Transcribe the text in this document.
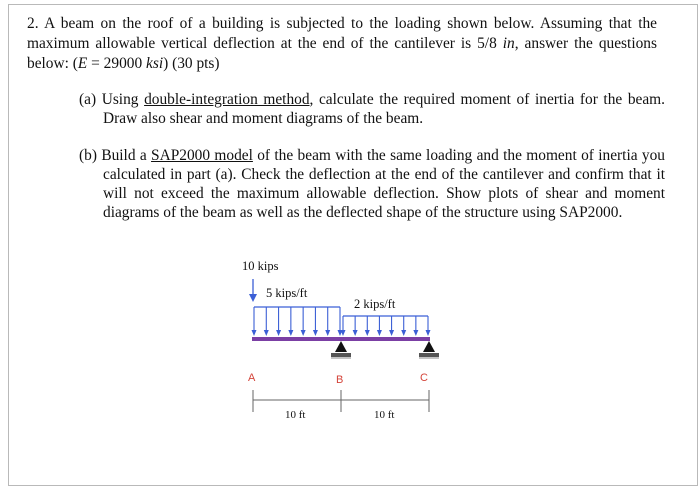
2. A beam on the roof of a building is subjected to the loading shown below. Assuming that the maximum allowable vertical deflection at the end of the cantilever is 5/8 in, answer the questions below: (E = 29000 ksi) (30 pts)

(a) Using double-integration method, calculate the required moment of inertia for the beam. Draw also shear and moment diagrams of the beam.

(b) Build a SAP2000 model of the beam with the same loading and the moment of inertia you calculated in part (a). Check the deflection at the end of the cantilever and confirm that it will not exceed the maximum allowable deflection. Show plots of shear and moment diagrams of the beam as well as the deflected shape of the structure using SAP2000.

10 kips
5 kips/ft
2 kips/ft
A	B	C
10 ft	10 ft
